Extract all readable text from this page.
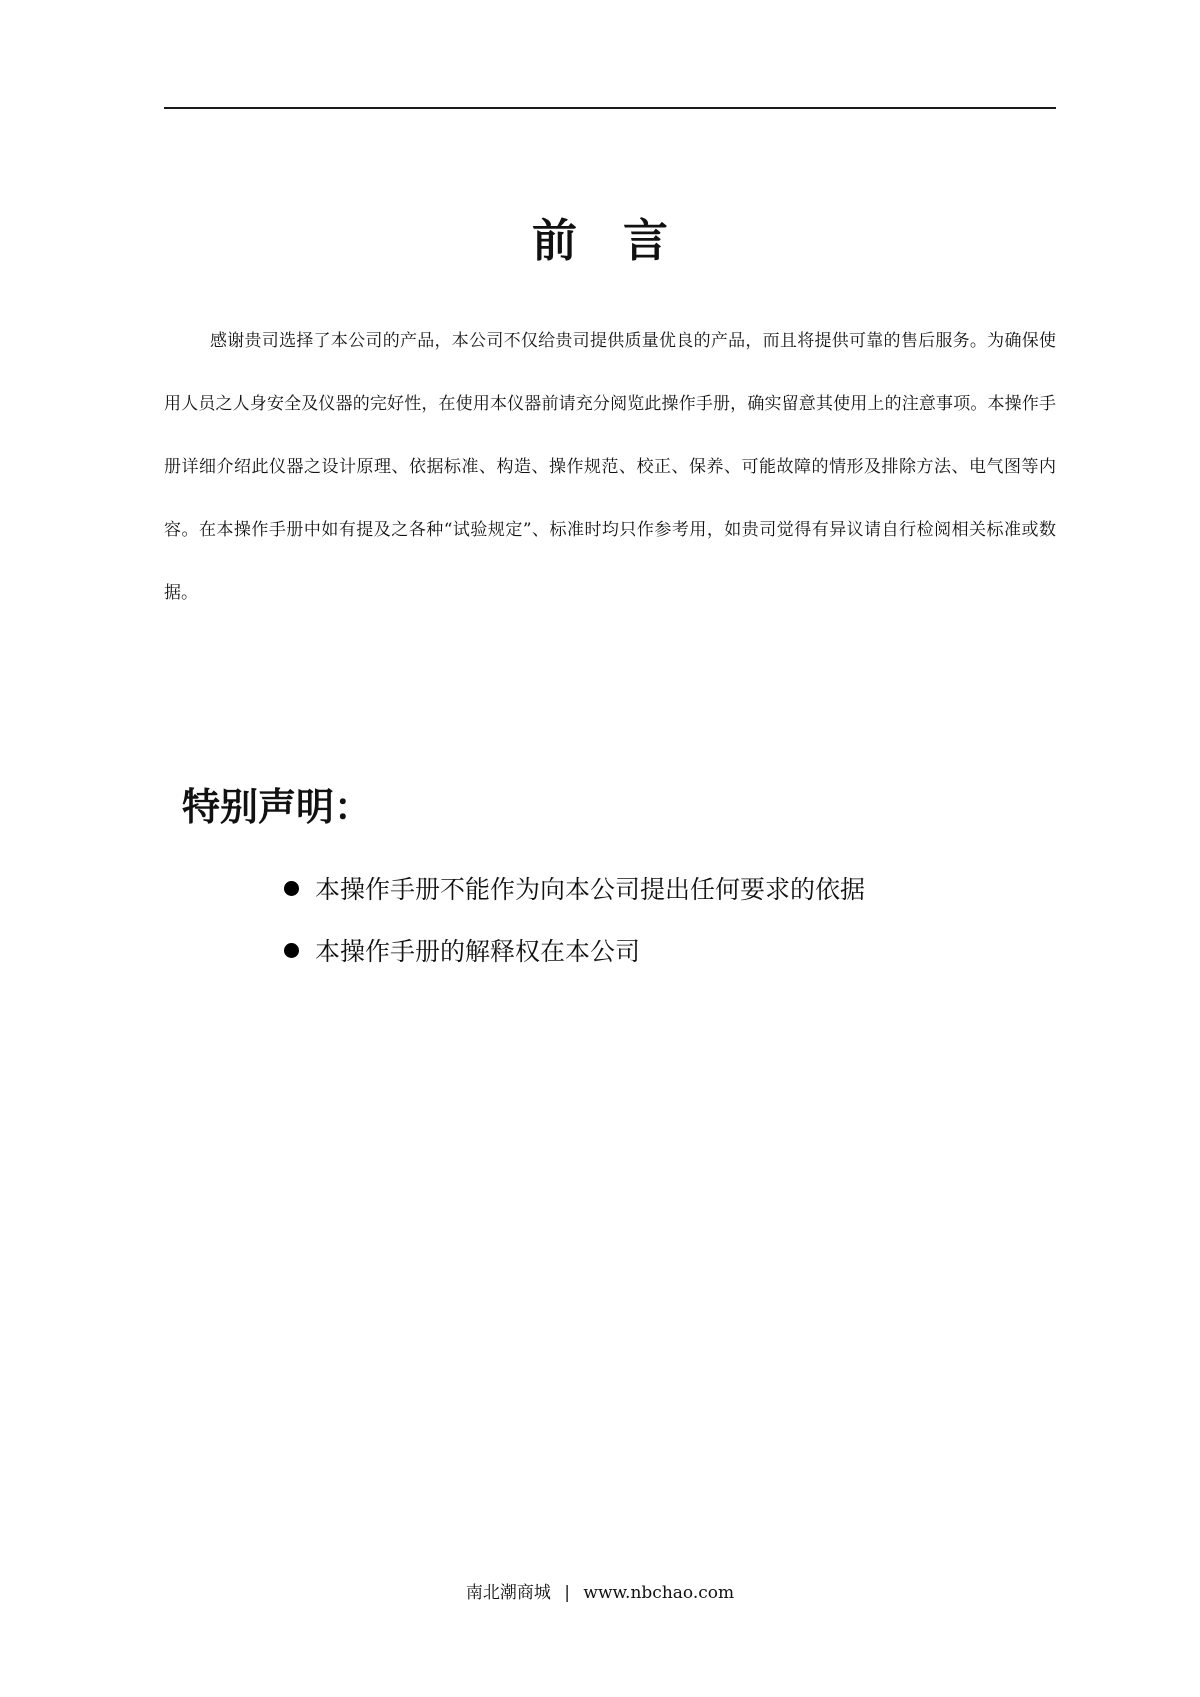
前言

感谢贵司选择了本公司的产品，本公司不仅给贵司提供质量优良的产品，而且将提供可靠的售后服务。为确保使用人员之人身安全及仪器的完好性，在使用本仪器前请充分阅览此操作手册，确实留意其使用上的注意事项。本操作手册详细介绍此仪器之设计原理、依据标准、构造、操作规范、校正、保养、可能故障的情形及排除方法、电气图等内容。在本操作手册中如有提及之各种“试验规定”、标准时均只作参考用，如贵司觉得有异议请自行检阅相关标准或数据。

特别声明：
本操作手册不能作为向本公司提出任何要求的依据
本操作手册的解释权在本公司
南北潮商城 | www.nbchao.com
